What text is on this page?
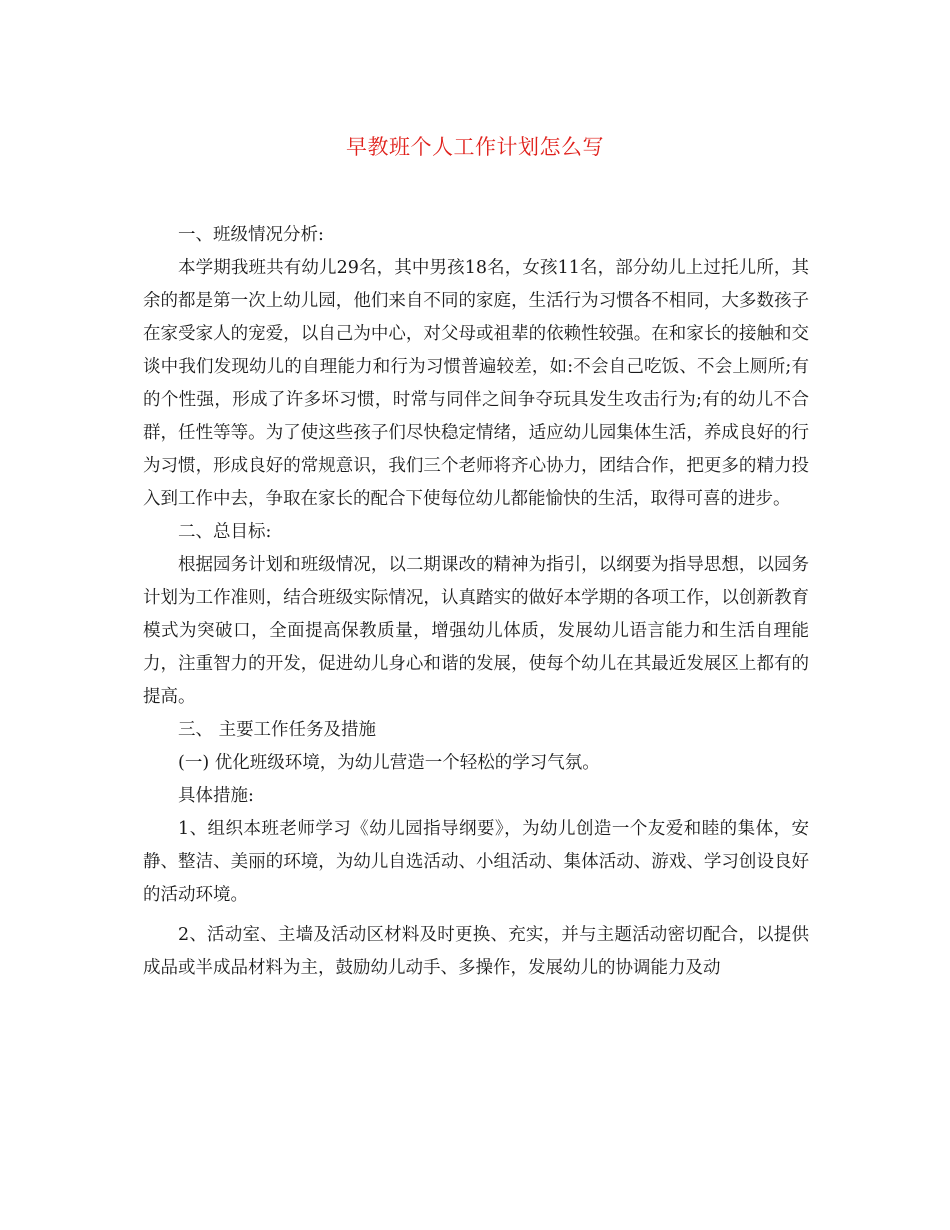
早教班个人工作计划怎么写

一、班级情况分析:

本学期我班共有幼儿29名，其中男孩18名，女孩11名，部分幼儿上过托儿所，其余的都是第一次上幼儿园，他们来自不同的家庭，生活行为习惯各不相同，大多数孩子在家受家人的宠爱，以自己为中心，对父母或祖辈的依赖性较强。在和家长的接触和交谈中我们发现幼儿的自理能力和行为习惯普遍较差，如:不会自己吃饭、不会上厕所;有的个性强，形成了许多坏习惯，时常与同伴之间争夺玩具发生攻击行为;有的幼儿不合群，任性等等。为了使这些孩子们尽快稳定情绪，适应幼儿园集体生活，养成良好的行为习惯，形成良好的常规意识，我们三个老师将齐心协力，团结合作，把更多的精力投入到工作中去，争取在家长的配合下使每位幼儿都能愉快的生活，取得可喜的进步。

二、总目标:

根据园务计划和班级情况，以二期课改的精神为指引，以纲要为指导思想，以园务计划为工作准则，结合班级实际情况，认真踏实的做好本学期的各项工作，以创新教育模式为突破口，全面提高保教质量，增强幼儿体质，发展幼儿语言能力和生活自理能力，注重智力的开发，促进幼儿身心和谐的发展，使每个幼儿在其最近发展区上都有的提高。

三、 主要工作任务及措施

(一) 优化班级环境，为幼儿营造一个轻松的学习气氛。

具体措施:

1、组织本班老师学习《幼儿园指导纲要》，为幼儿创造一个友爱和睦的集体，安静、整洁、美丽的环境，为幼儿自选活动、小组活动、集体活动、游戏、学习创设良好的活动环境。

2、活动室、主墙及活动区材料及时更换、充实，并与主题活动密切配合，以提供成品或半成品材料为主，鼓励幼儿动手、多操作，发展幼儿的协调能力及动
